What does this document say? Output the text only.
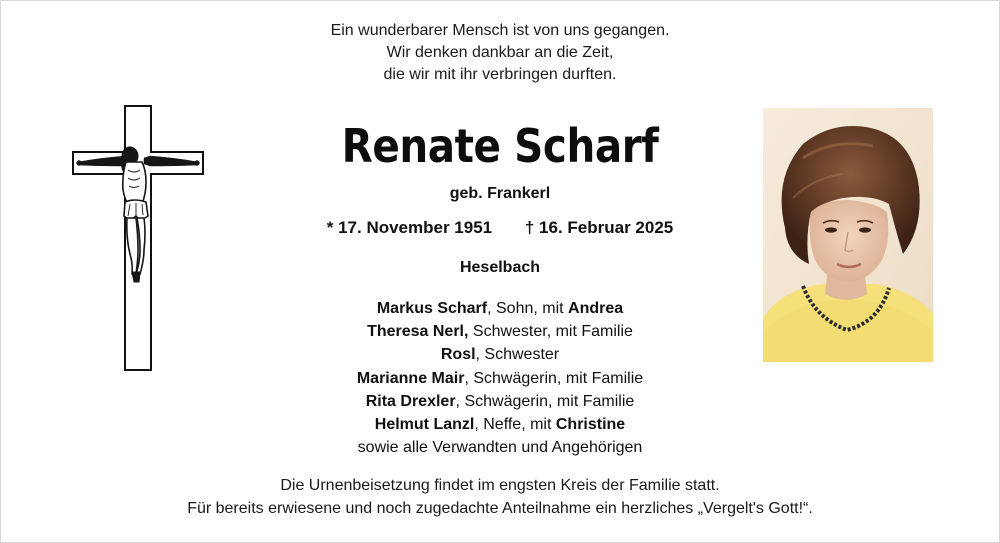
Ein wunderbarer Mensch ist von uns gegangen.
Wir denken dankbar an die Zeit,
die wir mit ihr verbringen durften.
Renate Scharf
geb. Frankerl
* 17. November 1951 † 16. Februar 2025
Heselbach
Markus Scharf, Sohn, mit Andrea
Theresa Nerl, Schwester, mit Familie
Rosl, Schwester
Marianne Mair, Schwägerin, mit Familie
Rita Drexler, Schwägerin, mit Familie
Helmut Lanzl, Neffe, mit Christine
sowie alle Verwandten und Angehörigen
Die Urnenbeisetzung findet im engsten Kreis der Familie statt.
Für bereits erwiesene und noch zugedachte Anteilnahme ein herzliches „Vergelt's Gott!“.
